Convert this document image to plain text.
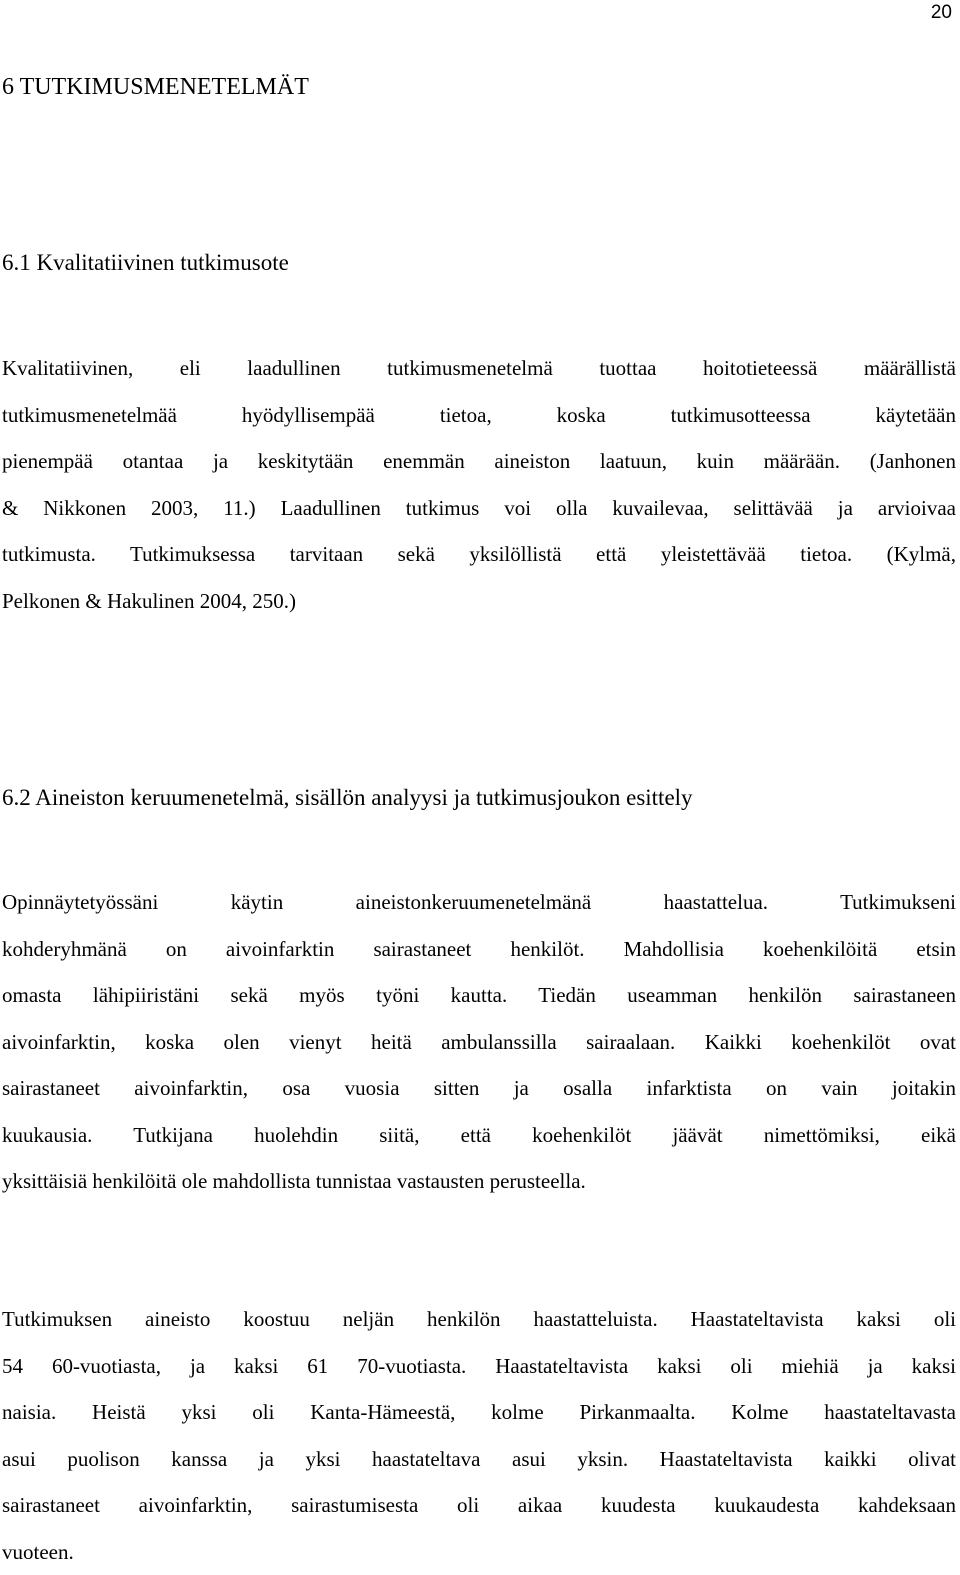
20
6 TUTKIMUSMENETELMÄT
6.1 Kvalitatiivinen tutkimusote

Kvalitatiivinen, eli laadullinen tutkimusmenetelmä tuottaa hoitotieteessä määrällistä
tutkimusmenetelmää hyödyllisempää tietoa, koska tutkimusotteessa käytetään
pienempää otantaa ja keskitytään enemmän aineiston laatuun, kuin määrään. (Janhonen
& Nikkonen 2003, 11.) Laadullinen tutkimus voi olla kuvailevaa, selittävää ja arvioivaa
tutkimusta. Tutkimuksessa tarvitaan sekä yksilöllistä että yleistettävää tietoa. (Kylmä,
Pelkonen & Hakulinen 2004, 250.)

6.2 Aineiston keruumenetelmä, sisällön analyysi ja tutkimusjoukon esittely

Opinnäytetyössäni käytin aineistonkeruumenetelmänä haastattelua. Tutkimukseni
kohderyhmänä on aivoinfarktin sairastaneet henkilöt. Mahdollisia koehenkilöitä etsin
omasta lähipiiristäni sekä myös työni kautta. Tiedän useamman henkilön sairastaneen
aivoinfarktin, koska olen vienyt heitä ambulanssilla sairaalaan. Kaikki koehenkilöt ovat
sairastaneet aivoinfarktin, osa vuosia sitten ja osalla infarktista on vain joitakin
kuukausia. Tutkijana huolehdin siitä, että koehenkilöt jäävät nimettömiksi, eikä
yksittäisiä henkilöitä ole mahdollista tunnistaa vastausten perusteella.

Tutkimuksen aineisto koostuu neljän henkilön haastatteluista. Haastateltavista kaksi oli
54 60-vuotiasta, ja kaksi 61 70-vuotiasta. Haastateltavista kaksi oli miehiä ja kaksi
naisia. Heistä yksi oli Kanta-Hämeestä, kolme Pirkanmaalta. Kolme haastateltavasta
asui puolison kanssa ja yksi haastateltava asui yksin. Haastateltavista kaikki olivat
sairastaneet aivoinfarktin, sairastumisesta oli aikaa kuudesta kuukaudesta kahdeksaan
vuoteen.
